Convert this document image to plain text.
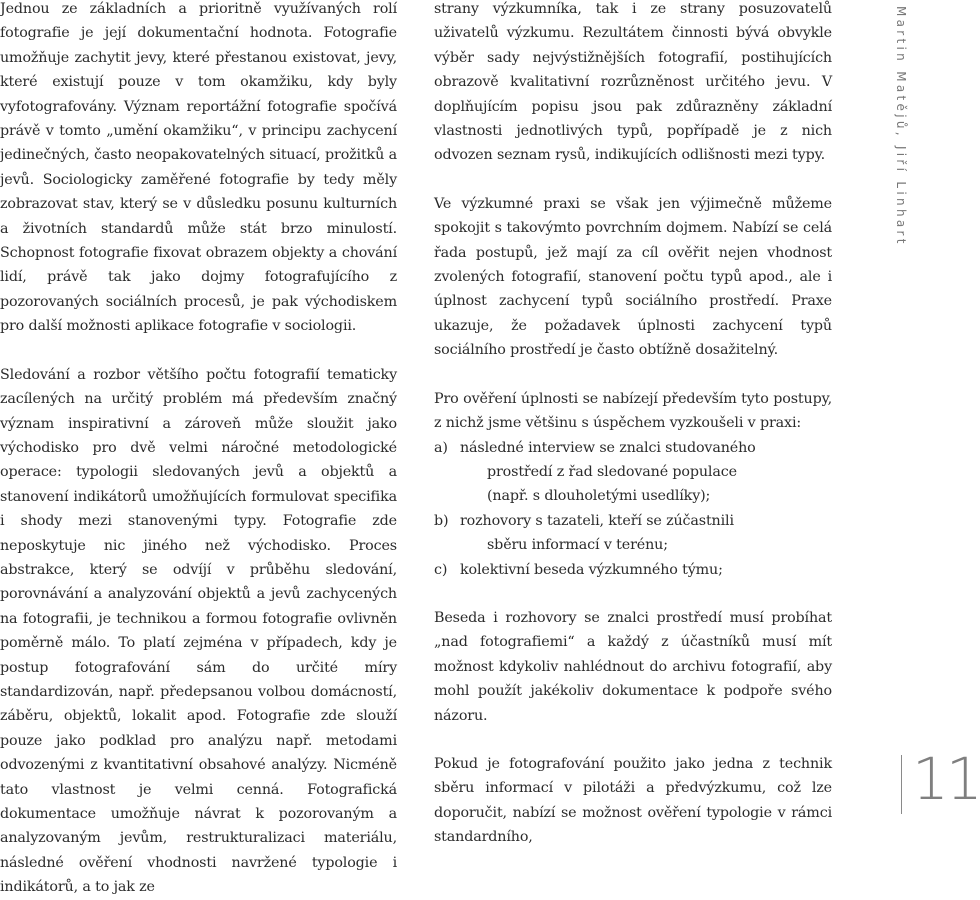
Jednou ze základních a prioritně využívaných rolí fotografie je její dokumentační hodnota. Fotografie umožňuje zachytit jevy, které přestanou existovat, jevy, které existují pouze v tom okamžiku, kdy byly vyfotografovány. Význam reportážní fotografie spočívá právě v tomto „umění okamžiku“, v principu zachycení jedinečných, často neopakovatelných situací, prožitků a jevů. Sociologicky zaměřené fotografie by tedy měly zobrazovat stav, který se v důsledku posunu kulturních a životních standardů může stát brzo minulostí. Schopnost fotografie fixovat obrazem objekty a chování lidí, právě tak jako dojmy fotografujícího z pozorovaných sociálních procesů, je pak východiskem pro další možnosti aplikace fotografie v sociologii.

Sledování a rozbor většího počtu fotografií tematicky zacílených na určitý problém má především značný význam inspirativní a zároveň může sloužit jako východisko pro dvě velmi náročné metodologické operace: typologii sledovaných jevů a objektů a stanovení indikátorů umožňujících formulovat specifika i shody mezi stanovenými typy. Fotografie zde neposkytuje nic jiného než východisko. Proces abstrakce, který se odvíjí v průběhu sledování, porovnávání a analyzování objektů a jevů zachycených na fotografii, je technikou a formou fotografie ovlivněn poměrně málo. To platí zejména v případech, kdy je postup fotografování sám do určité míry standardizován, např. předepsanou volbou domácností, záběru, objektů, lokalit apod. Fotografie zde slouží pouze jako podklad pro analýzu např. metodami odvozenými z kvantitativní obsahové analýzy. Nicméně tato vlastnost je velmi cenná. Fotografická dokumentace umožňuje návrat k pozorovaným a analyzovaným jevům, restrukturalizaci materiálu, následné ověření vhodnosti navržené typologie i indikátorů, a to jak ze

strany výzkumníka, tak i ze strany posuzovatelů uživatelů výzkumu. Rezultátem činnosti bývá obvykle výběr sady nejvýstižnějších fotografií, postihujících obrazově kvalitativní rozrůzněnost určitého jevu. V doplňujícím popisu jsou pak zdůrazněny základní vlastnosti jednotlivých typů, popřípadě je z nich odvozen seznam rysů, indikujících odlišnosti mezi typy.

Ve výzkumné praxi se však jen výjimečně můžeme spokojit s takovýmto povrchním dojmem. Nabízí se celá řada postupů, jež mají za cíl ověřit nejen vhodnost zvolených fotografií, stanovení počtu typů apod., ale i úplnost zachycení typů sociálního prostředí. Praxe ukazuje, že požadavek úplnosti zachycení typů sociálního prostředí je často obtížně dosažitelný.

Pro ověření úplnosti se nabízejí především tyto postupy, z nichž jsme většinu s úspěchem vyzkoušeli v praxi:

a) následné interview se znalci studovaného
prostředí z řad sledované populace
(např. s dlouholetými usedlíky);
b) rozhovory s tazateli, kteří se zúčastnili
sběru informací v terénu;
c) kolektivní beseda výzkumného týmu;

Beseda i rozhovory se znalci prostředí musí probíhat „nad fotografiemi“ a každý z účastníků musí mít možnost kdykoliv nahlédnout do archivu fotografií, aby mohl použít jakékoliv dokumentace k podpoře svého názoru.

Pokud je fotografování použito jako jedna z technik sběru informací v pilotáži a předvýzkumu, což lze doporučit, nabízí se možnost ověření typologie v rámci standardního,

Martin Matějů, Jiří Linhart
11
